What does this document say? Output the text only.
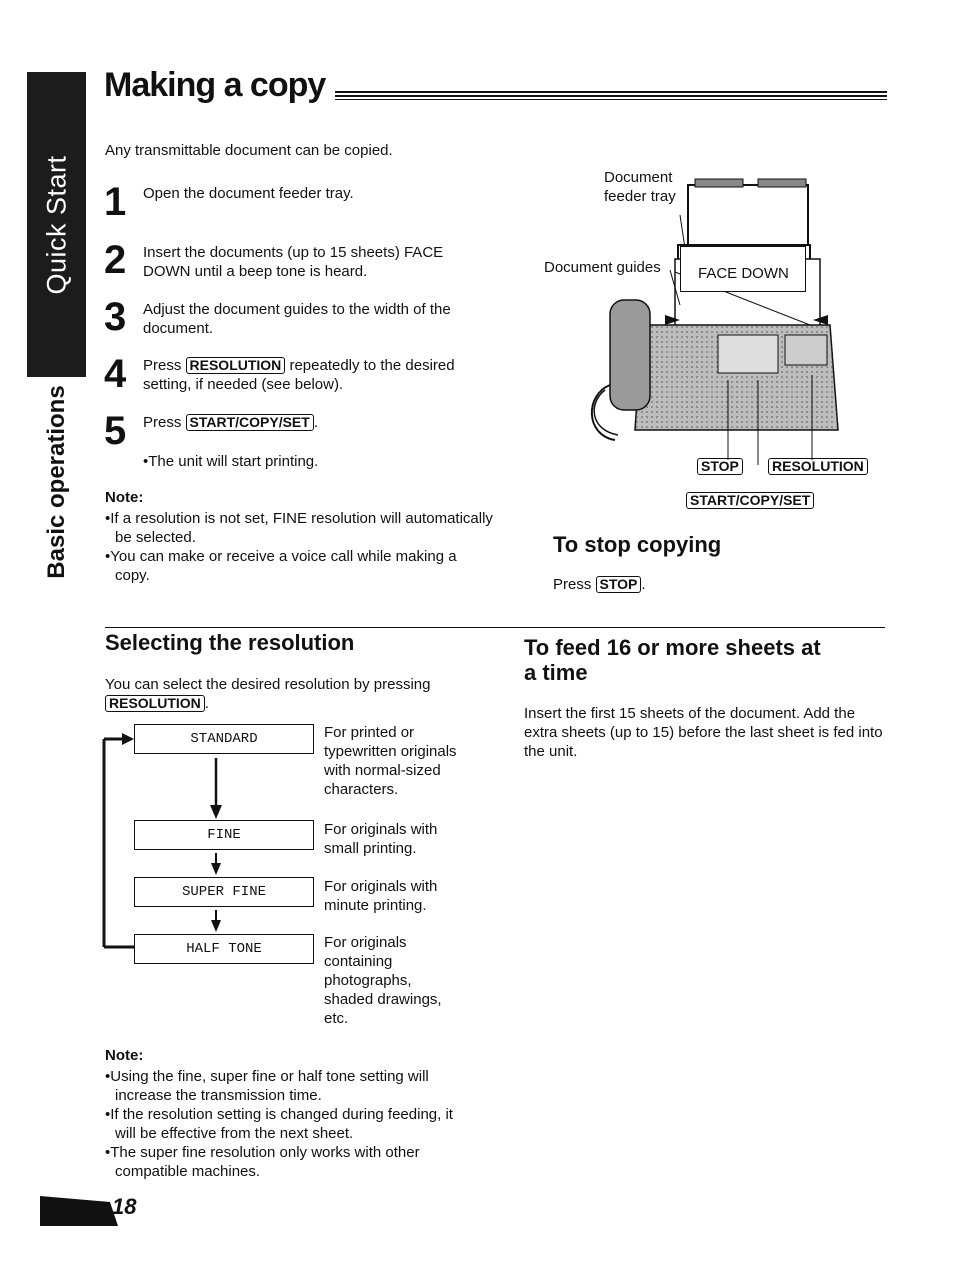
Quick Start
Basic operations
Making a copy
Any transmittable document can be copied.
1 Open the document feeder tray.
2 Insert the documents (up to 15 sheets) FACE DOWN until a beep tone is heard.
3 Adjust the document guides to the width of the document.
4 Press RESOLUTION repeatedly to the desired setting, if needed (see below).
5 Press START/COPY/SET .
•The unit will start printing.
Note:
•If a resolution is not set, FINE resolution will automatically be selected.
•You can make or receive a voice call while making a copy.
Document feeder tray
Document guides	FACE DOWN
STOP RESOLUTION
START/COPY/SET
To stop copying
Press STOP .
Selecting the resolution
You can select the desired resolution by pressing
RESOLUTION .
STANDARD	For printed or typewritten originals with normal-sized characters.
FINE	For originals with small printing.
SUPER FINE	For originals with minute printing.
HALF TONE	For originals containing photographs, shaded drawings, etc.
Note:
•Using the fine, super fine or half tone setting will increase the transmission time.
•If the resolution setting is changed during feeding, it will be effective from the next sheet.
•The super fine resolution only works with other compatible machines.
To feed 16 or more sheets at a time
Insert the first 15 sheets of the document. Add the extra sheets (up to 15) before the last sheet is fed into the unit.
18
